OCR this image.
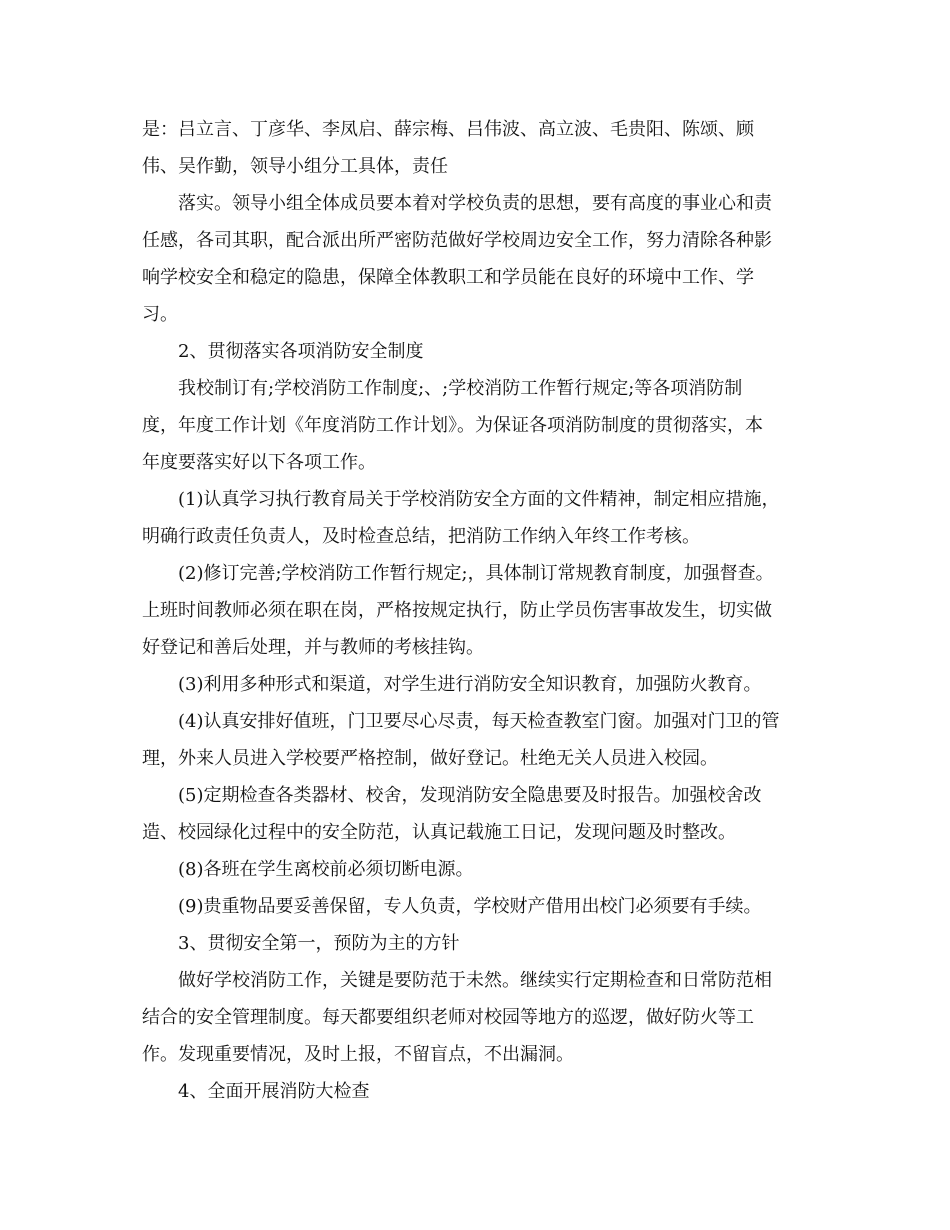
是：吕立言、丁彦华、李凤启、薛宗梅、吕伟波、高立波、毛贵阳、陈颂、顾

伟、吴作勤，领导小组分工具体，责任

落实。领导小组全体成员要本着对学校负责的思想，要有高度的事业心和责

任感，各司其职，配合派出所严密防范做好学校周边安全工作，努力清除各种影

响学校安全和稳定的隐患，保障全体教职工和学员能在良好的环境中工作、学

习。

2、贯彻落实各项消防安全制度

我校制订有;学校消防工作制度;、;学校消防工作暂行规定;等各项消防制

度，年度工作计划《年度消防工作计划》。为保证各项消防制度的贯彻落实，本

年度要落实好以下各项工作。

(1)认真学习执行教育局关于学校消防安全方面的文件精神，制定相应措施，

明确行政责任负责人，及时检查总结，把消防工作纳入年终工作考核。

(2)修订完善;学校消防工作暂行规定;，具体制订常规教育制度，加强督查。

上班时间教师必须在职在岗，严格按规定执行，防止学员伤害事故发生，切实做

好登记和善后处理，并与教师的考核挂钩。

(3)利用多种形式和渠道，对学生进行消防安全知识教育，加强防火教育。

(4)认真安排好值班，门卫要尽心尽责，每天检查教室门窗。加强对门卫的管

理，外来人员进入学校要严格控制，做好登记。杜绝无关人员进入校园。

(5)定期检查各类器材、校舍，发现消防安全隐患要及时报告。加强校舍改

造、校园绿化过程中的安全防范，认真记载施工日记，发现问题及时整改。

(8)各班在学生离校前必须切断电源。

(9)贵重物品要妥善保留，专人负责，学校财产借用出校门必须要有手续。

3、贯彻安全第一，预防为主的方针

做好学校消防工作，关键是要防范于未然。继续实行定期检查和日常防范相

结合的安全管理制度。每天都要组织老师对校园等地方的巡逻，做好防火等工

作。发现重要情况，及时上报，不留盲点，不出漏洞。

4、全面开展消防大检查
